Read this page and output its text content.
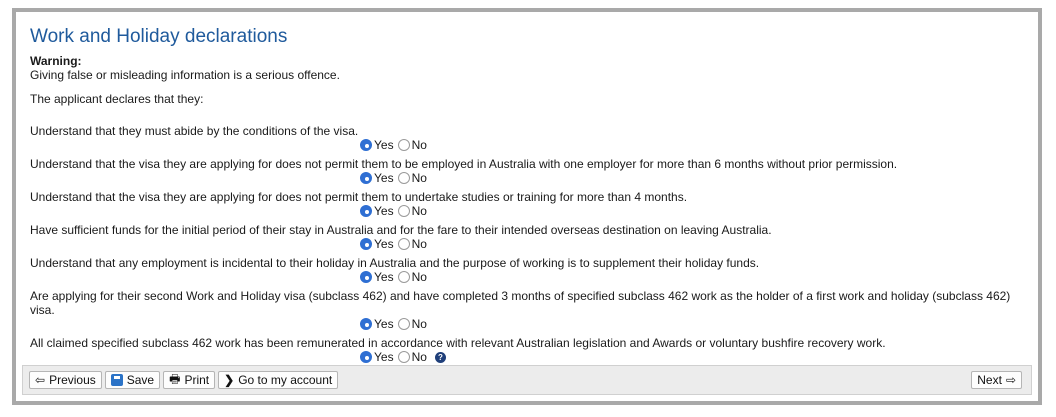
Work and Holiday declarations

Warning:

Giving false or misleading information is a serious offence.

The applicant declares that they:

Understand that they must abide by the conditions of the visa.

Yes No

Understand that the visa they are applying for does not permit them to be employed in Australia with one employer for more than 6 months without prior permission.

Yes No

Understand that the visa they are applying for does not permit them to undertake studies or training for more than 4 months.

Yes No

Have sufficient funds for the initial period of their stay in Australia and for the fare to their intended overseas destination on leaving Australia.

Yes No

Understand that any employment is incidental to their holiday in Australia and the purpose of working is to supplement their holiday funds.

Yes No

Are applying for their second Work and Holiday visa (subclass 462) and have completed 3 months of specified subclass 462 work as the holder of a first work and holiday (subclass 462) visa.

Yes No

All claimed specified subclass 462 work has been remunerated in accordance with relevant Australian legislation and Awards or voluntary bushfire recovery work.

Yes No	?
⇦ Previous	Save 🖶 Print ❯ Go to my account	Next ⇨
